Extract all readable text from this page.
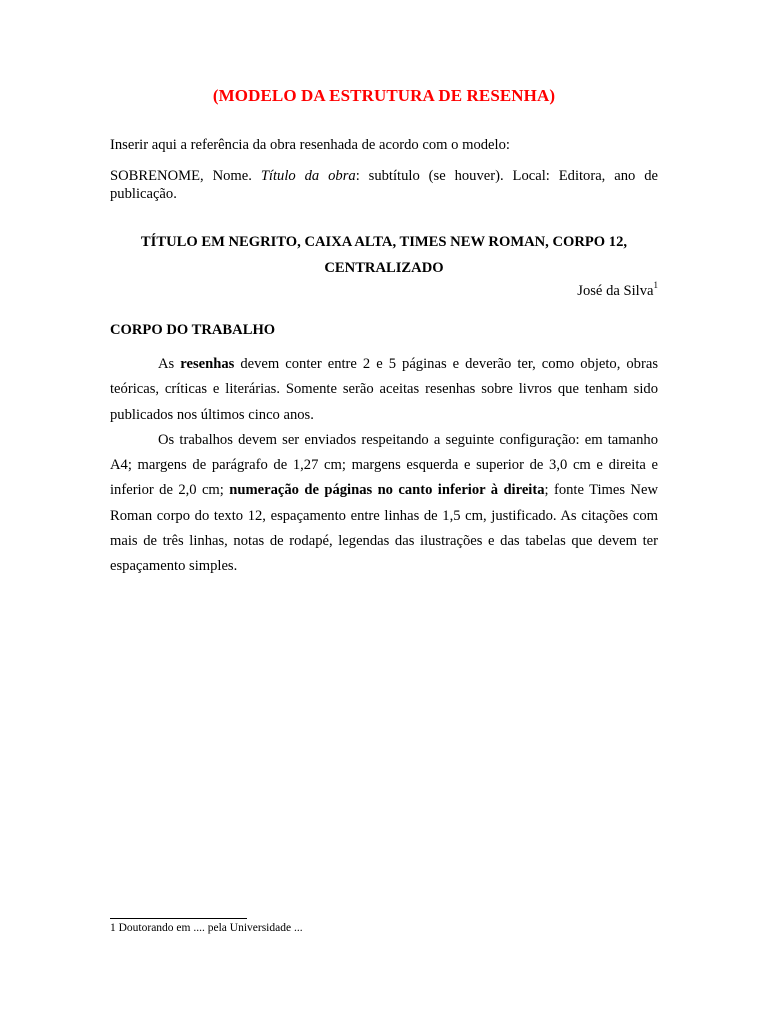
(MODELO DA ESTRUTURA DE RESENHA)
Inserir aqui a referência da obra resenhada de acordo com o modelo:
SOBRENOME, Nome. Título da obra: subtítulo (se houver). Local: Editora, ano de publicação.
TÍTULO EM NEGRITO, CAIXA ALTA, TIMES NEW ROMAN, CORPO 12,
CENTRALIZADO
José da Silva$^1$
CORPO DO TRABALHO

As resenhas devem conter entre 2 e 5 páginas e deverão ter, como objeto, obras teóricas, críticas e literárias. Somente serão aceitas resenhas sobre livros que tenham sido publicados nos últimos cinco anos.

Os trabalhos devem ser enviados respeitando a seguinte configuração: em tamanho A4; margens de parágrafo de 1,27 cm; margens esquerda e superior de 3,0 cm e direita e inferior de 2,0 cm; numeração de páginas no canto inferior à direita; fonte Times New Roman corpo do texto 12, espaçamento entre linhas de 1,5 cm, justificado. As citações com mais de três linhas, notas de rodapé, legendas das ilustrações e das tabelas que devem ter espaçamento simples.

1 Doutorando em .... pela Universidade ...
